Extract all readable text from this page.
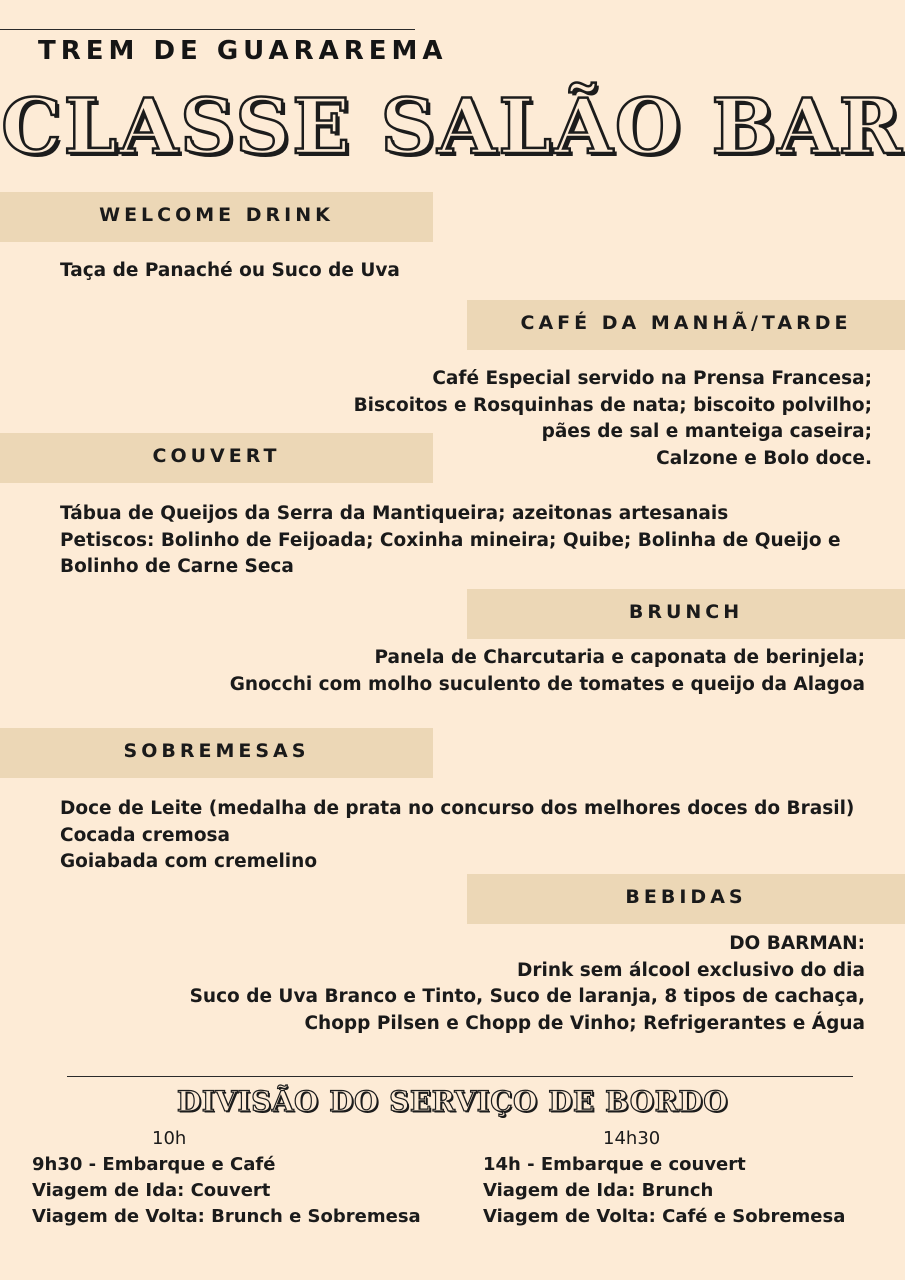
TREM DE GUARAREMA
CLASSE SALÃO BAR
WELCOME DRINK
Taça de Panaché ou Suco de Uva
CAFÉ DA MANHÃ/TARDE
Café Especial servido na Prensa Francesa;
Biscoitos e Rosquinhas de nata; biscoito polvilho;
pães de sal e manteiga caseira;
Calzone e Bolo doce.
COUVERT
Tábua de Queijos da Serra da Mantiqueira; azeitonas artesanais
Petiscos: Bolinho de Feijoada; Coxinha mineira; Quibe; Bolinha de Queijo e Bolinho de Carne Seca
BRUNCH
Panela de Charcutaria e caponata de berinjela;
Gnocchi com molho suculento de tomates e queijo da Alagoa
SOBREMESAS
Doce de Leite (medalha de prata no concurso dos melhores doces do Brasil)
Cocada cremosa
Goiabada com cremelino
BEBIDAS
DO BARMAN:
Drink sem álcool exclusivo do dia
Suco de Uva Branco e Tinto, Suco de laranja, 8 tipos de cachaça,
Chopp Pilsen e Chopp de Vinho; Refrigerantes e Água
DIVISÃO DO SERVIÇO DE BORDO
10h
9h30 - Embarque e Café
Viagem de Ida: Couvert
Viagem de Volta: Brunch e Sobremesa
14h30
14h - Embarque e couvert
Viagem de Ida: Brunch
Viagem de Volta: Café e Sobremesa
